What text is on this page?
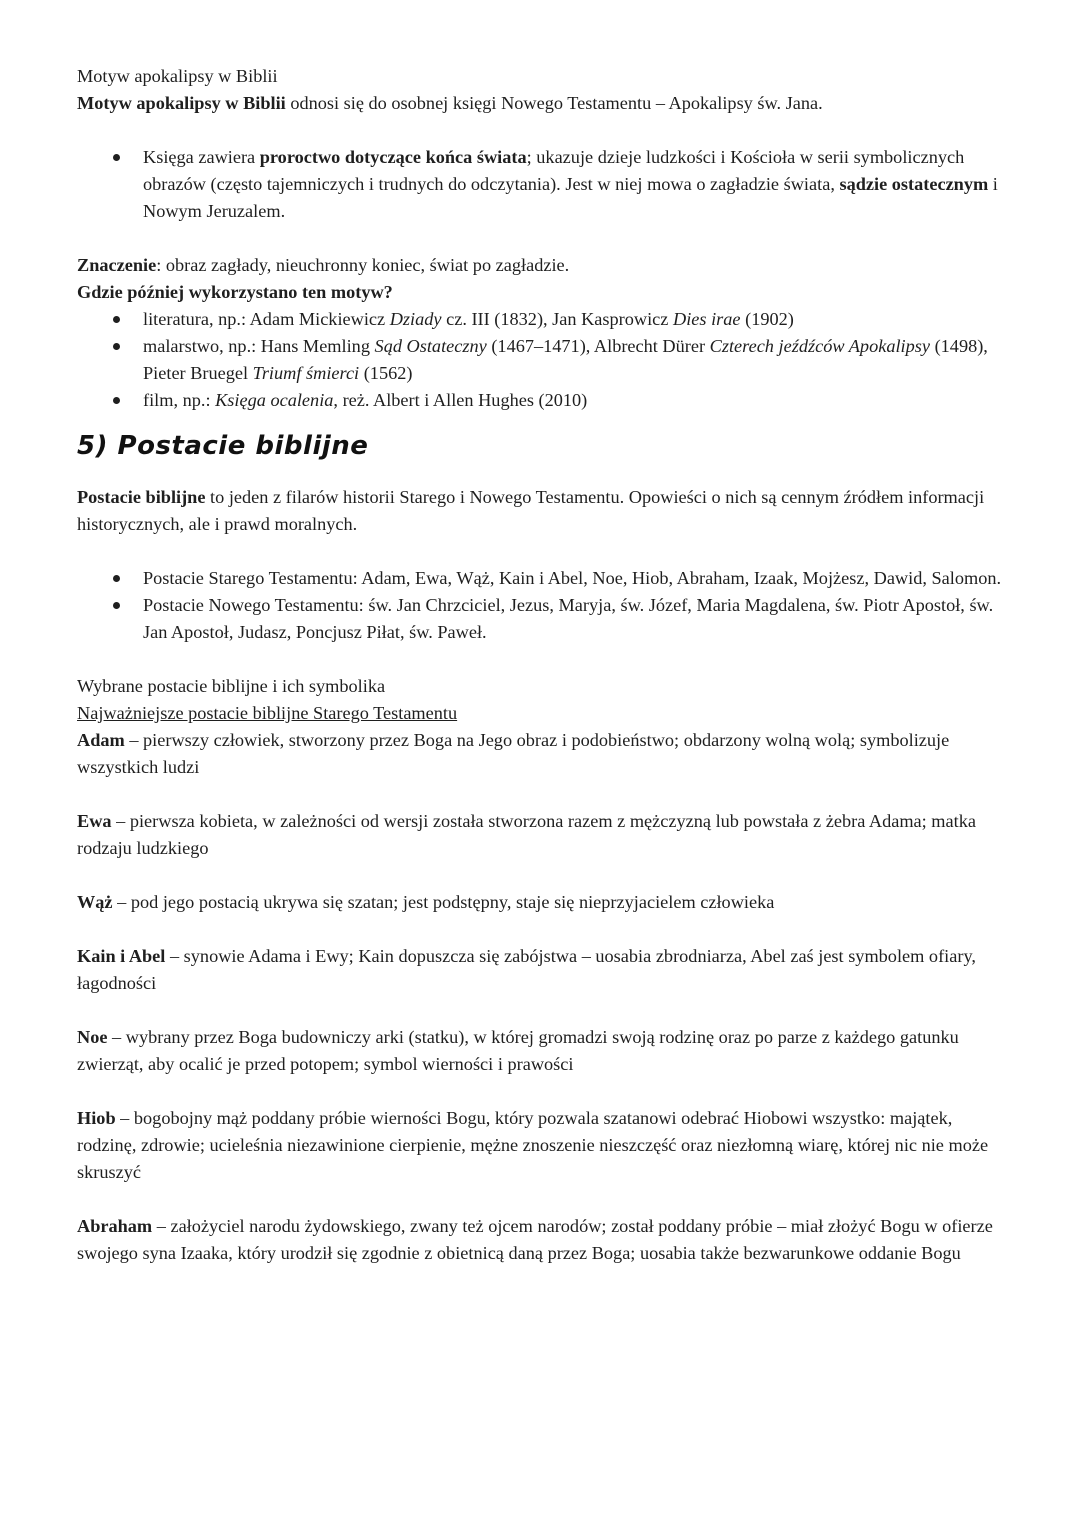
Motyw apokalipsy w Biblii

Motyw apokalipsy w Biblii odnosi się do osobnej księgi Nowego Testamentu – Apokalipsy św. Jana.

Księga zawiera proroctwo dotyczące końca świata; ukazuje dzieje ludzkości i Kościoła w serii symbolicznych obrazów (często tajemniczych i trudnych do odczytania). Jest w niej mowa o zagładzie świata, sądzie ostatecznym i Nowym Jeruzalem.

Znaczenie: obraz zagłady, nieuchronny koniec, świat po zagładzie.

Gdzie później wykorzystano ten motyw?

literatura, np.: Adam Mickiewicz Dziady cz. III (1832), Jan Kasprowicz Dies irae (1902)
malarstwo, np.: Hans Memling Sąd Ostateczny (1467–1471), Albrecht Dürer Czterech jeźdźców Apokalipsy (1498), Pieter Bruegel Triumf śmierci (1562)
film, np.: Księga ocalenia, reż. Albert i Allen Hughes (2010)
5) Postacie biblijne

Postacie biblijne to jeden z filarów historii Starego i Nowego Testamentu. Opowieści o nich są cennym źródłem informacji historycznych, ale i prawd moralnych.

Postacie Starego Testamentu: Adam, Ewa, Wąż, Kain i Abel, Noe, Hiob, Abraham, Izaak, Mojżesz, Dawid, Salomon.
Postacie Nowego Testamentu: św. Jan Chrzciciel, Jezus, Maryja, św. Józef, Maria Magdalena, św. Piotr Apostoł, św. Jan Apostoł, Judasz, Poncjusz Piłat, św. Paweł.

Wybrane postacie biblijne i ich symbolika

Najważniejsze postacie biblijne Starego Testamentu

Adam – pierwszy człowiek, stworzony przez Boga na Jego obraz i podobieństwo; obdarzony wolną wolą; symbolizuje wszystkich ludzi

Ewa – pierwsza kobieta, w zależności od wersji została stworzona razem z mężczyzną lub powstała z żebra Adama; matka rodzaju ludzkiego

Wąż – pod jego postacią ukrywa się szatan; jest podstępny, staje się nieprzyjacielem człowieka

Kain i Abel – synowie Adama i Ewy; Kain dopuszcza się zabójstwa – uosabia zbrodniarza, Abel zaś jest symbolem ofiary, łagodności

Noe – wybrany przez Boga budowniczy arki (statku), w której gromadzi swoją rodzinę oraz po parze z każdego gatunku zwierząt, aby ocalić je przed potopem; symbol wierności i prawości

Hiob – bogobojny mąż poddany próbie wierności Bogu, który pozwala szatanowi odebrać Hiobowi wszystko: majątek, rodzinę, zdrowie; ucieleśnia niezawinione cierpienie, mężne znoszenie nieszczęść oraz niezłomną wiarę, której nic nie może skruszyć

Abraham – założyciel narodu żydowskiego, zwany też ojcem narodów; został poddany próbie – miał złożyć Bogu w ofierze swojego syna Izaaka, który urodził się zgodnie z obietnicą daną przez Boga; uosabia także bezwarunkowe oddanie Bogu
